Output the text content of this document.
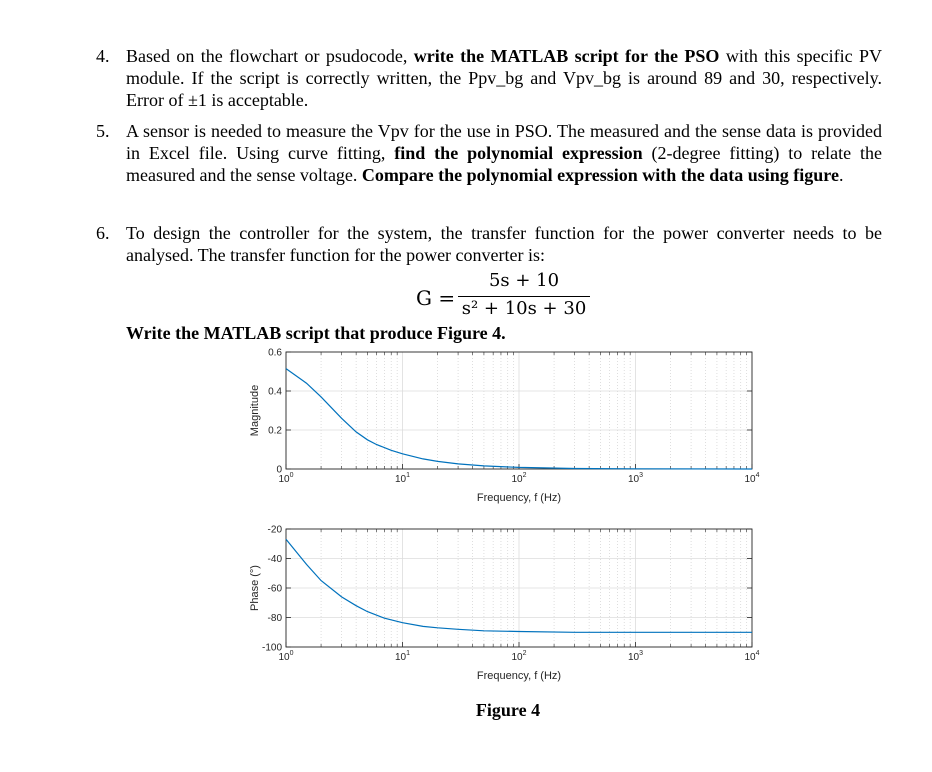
4. Based on the flowchart or psudocode, write the MATLAB script for the PSO with this specific PV module. If the script is correctly written, the Ppv_bg and Vpv_bg is around 89 and 30, respectively. Error of ±1 is acceptable.
5. A sensor is needed to measure the Vpv for the use in PSO. The measured and the sense data is provided in Excel file. Using curve fitting, find the polynomial expression (2-degree fitting) to relate the measured and the sense voltage. Compare the polynomial expression with the data using figure.
6. To design the controller for the system, the transfer function for the power converter needs to be analysed. The transfer function for the power converter is:
G =
5s + 10
s² + 10s + 30
Write the MATLAB script that produce Figure 4.
$10^0$	$10^1$	$10^2$	$10^3$	$10^4$
0
0.2
0.4
0.6
Frequency, f (Hz)
Magnitude
$10^0$	$10^1$	$10^2$	$10^3$	$10^4$
-100
-80
-60
-40
-20
Frequency, f (Hz)
Phase (°)
Figure 4
